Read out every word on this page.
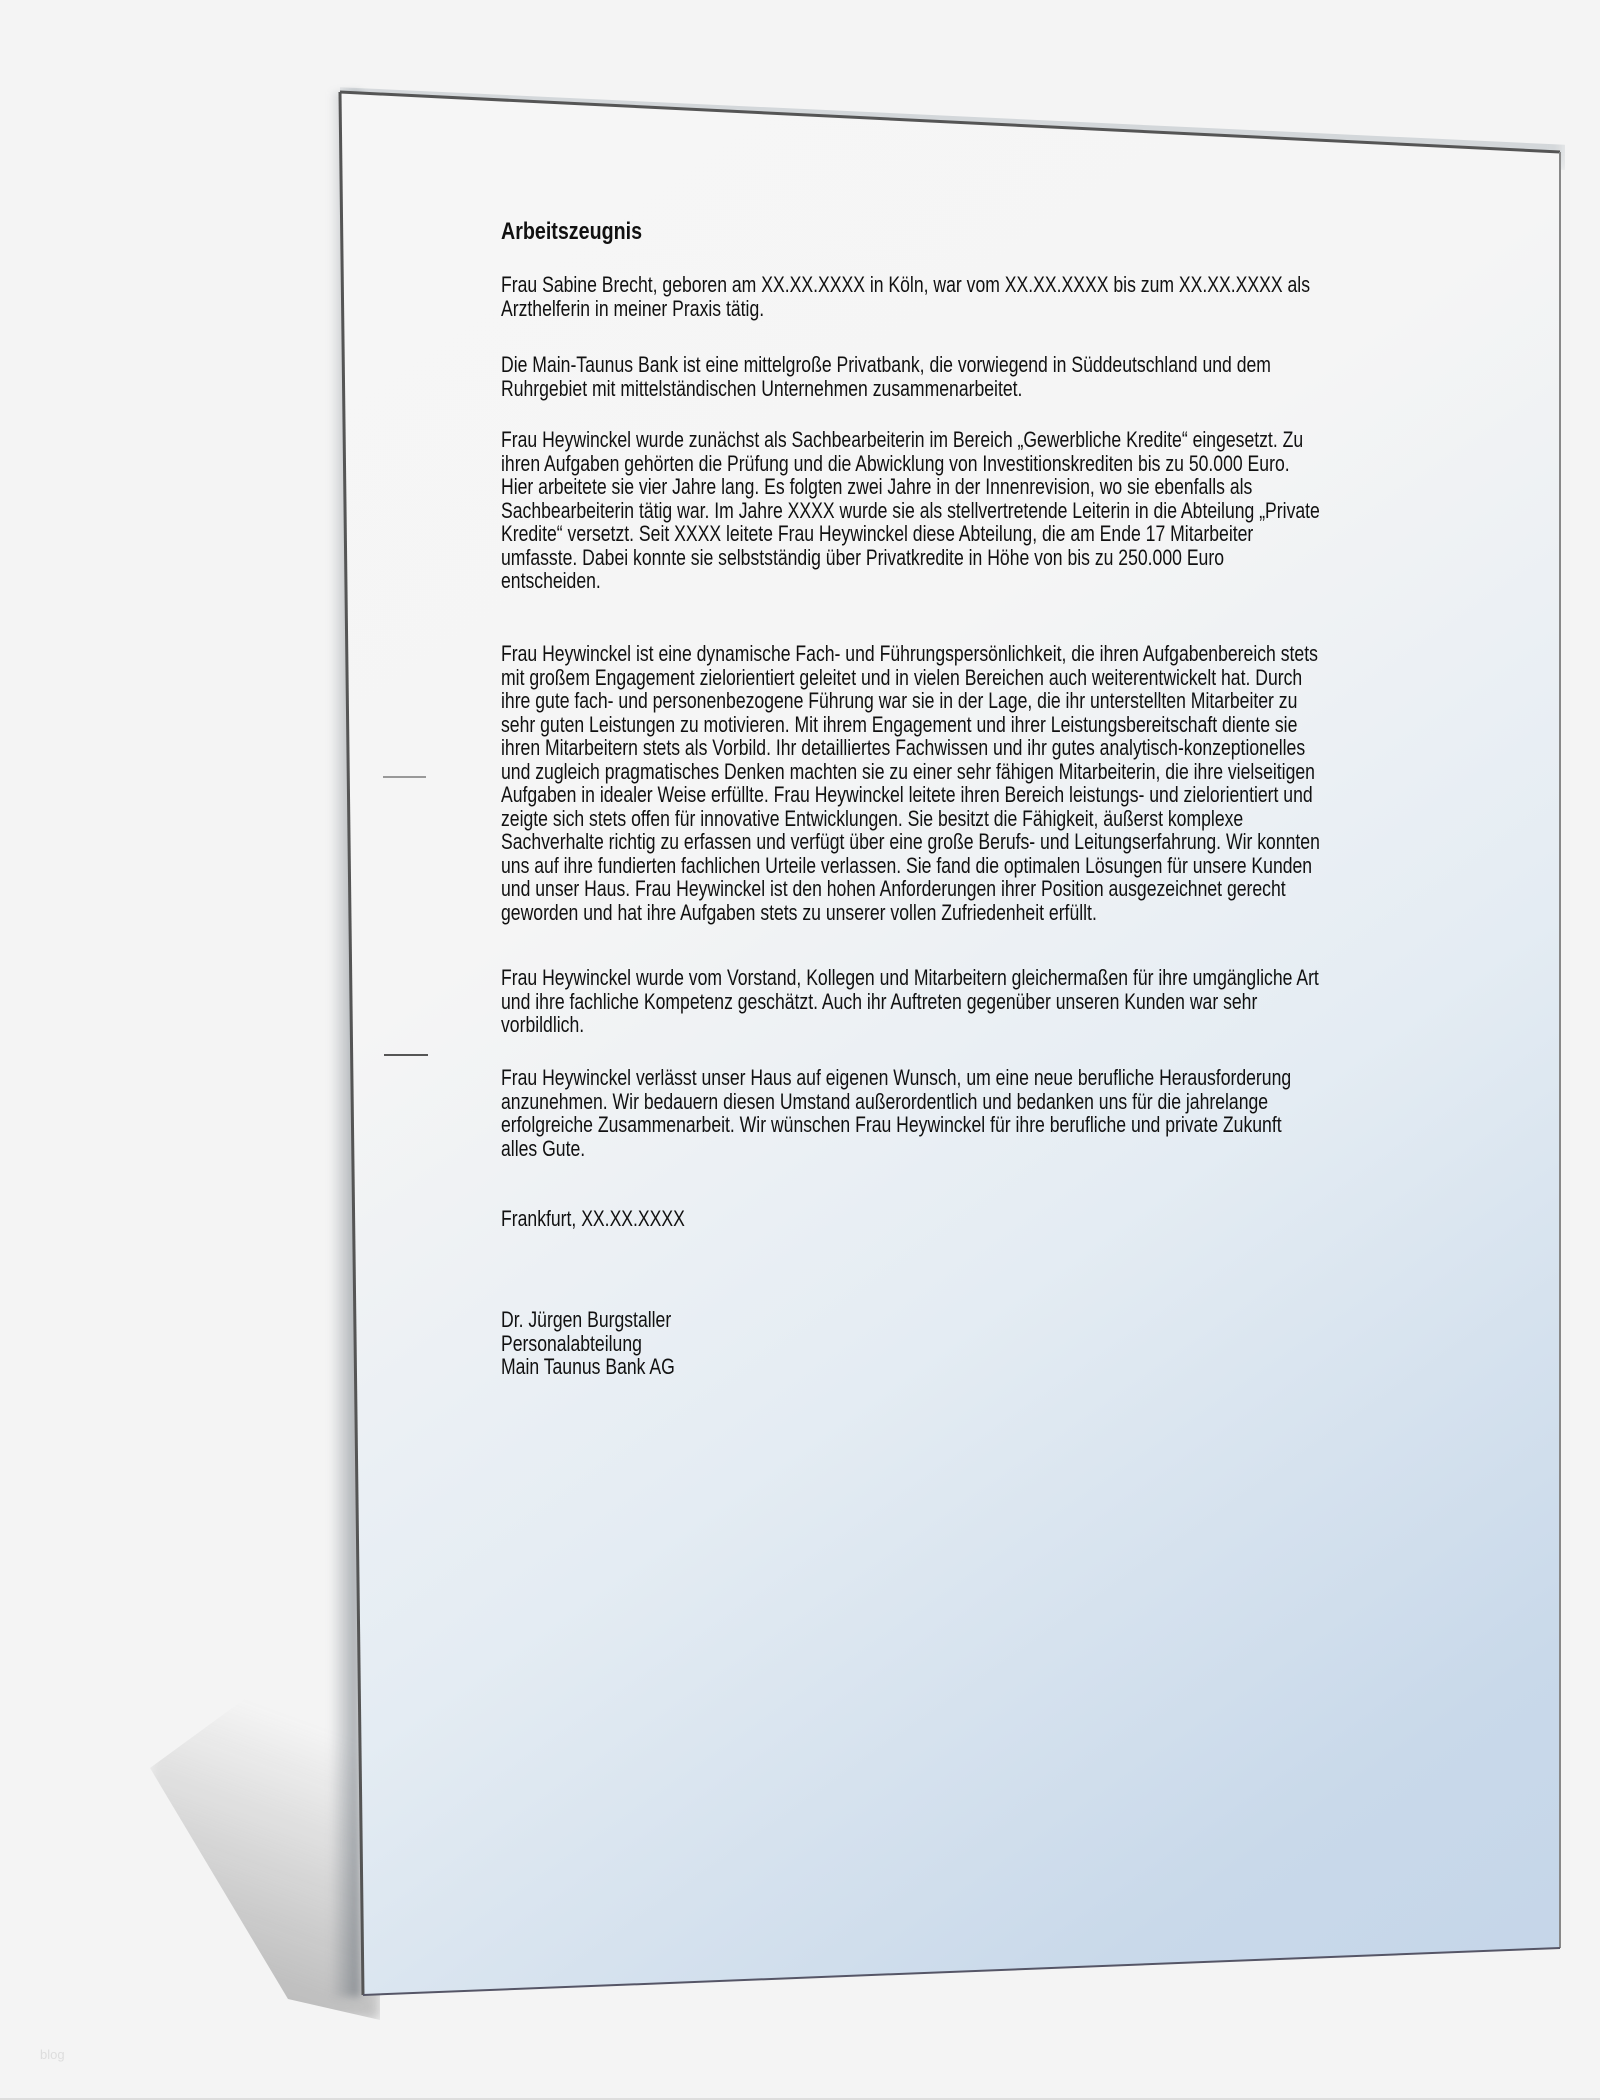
Arbeitszeugnis
Frau Sabine Brecht, geboren am XX.XX.XXXX in Köln, war vom XX.XX.XXXX bis zum XX.XX.XXXX als
Arzthelferin in meiner Praxis tätig.
Die Main-Taunus Bank ist eine mittelgroße Privatbank, die vorwiegend in Süddeutschland und dem
Ruhrgebiet mit mittelständischen Unternehmen zusammenarbeitet.
Frau Heywinckel wurde zunächst als Sachbearbeiterin im Bereich „Gewerbliche Kredite“ eingesetzt. Zu
ihren Aufgaben gehörten die Prüfung und die Abwicklung von Investitionskrediten bis zu 50.000 Euro.
Hier arbeitete sie vier Jahre lang. Es folgten zwei Jahre in der Innenrevision, wo sie ebenfalls als
Sachbearbeiterin tätig war. Im Jahre XXXX wurde sie als stellvertretende Leiterin in die Abteilung „Private
Kredite“ versetzt. Seit XXXX leitete Frau Heywinckel diese Abteilung, die am Ende 17 Mitarbeiter
umfasste. Dabei konnte sie selbstständig über Privatkredite in Höhe von bis zu 250.000 Euro
entscheiden.
Frau Heywinckel ist eine dynamische Fach- und Führungspersönlichkeit, die ihren Aufgabenbereich stets
mit großem Engagement zielorientiert geleitet und in vielen Bereichen auch weiterentwickelt hat. Durch
ihre gute fach- und personenbezogene Führung war sie in der Lage, die ihr unterstellten Mitarbeiter zu
sehr guten Leistungen zu motivieren. Mit ihrem Engagement und ihrer Leistungsbereitschaft diente sie
ihren Mitarbeitern stets als Vorbild. Ihr detailliertes Fachwissen und ihr gutes analytisch-konzeptionelles
und zugleich pragmatisches Denken machten sie zu einer sehr fähigen Mitarbeiterin, die ihre vielseitigen
Aufgaben in idealer Weise erfüllte. Frau Heywinckel leitete ihren Bereich leistungs- und zielorientiert und
zeigte sich stets offen für innovative Entwicklungen. Sie besitzt die Fähigkeit, äußerst komplexe
Sachverhalte richtig zu erfassen und verfügt über eine große Berufs- und Leitungserfahrung. Wir konnten
uns auf ihre fundierten fachlichen Urteile verlassen. Sie fand die optimalen Lösungen für unsere Kunden
und unser Haus. Frau Heywinckel ist den hohen Anforderungen ihrer Position ausgezeichnet gerecht
geworden und hat ihre Aufgaben stets zu unserer vollen Zufriedenheit erfüllt.
Frau Heywinckel wurde vom Vorstand, Kollegen und Mitarbeitern gleichermaßen für ihre umgängliche Art
und ihre fachliche Kompetenz geschätzt. Auch ihr Auftreten gegenüber unseren Kunden war sehr
vorbildlich.
Frau Heywinckel verlässt unser Haus auf eigenen Wunsch, um eine neue berufliche Herausforderung
anzunehmen. Wir bedauern diesen Umstand außerordentlich und bedanken uns für die jahrelange
erfolgreiche Zusammenarbeit. Wir wünschen Frau Heywinckel für ihre berufliche und private Zukunft
alles Gute.
Frankfurt, XX.XX.XXXX
Dr. Jürgen Burgstaller
Personalabteilung
Main Taunus Bank AG
blog
